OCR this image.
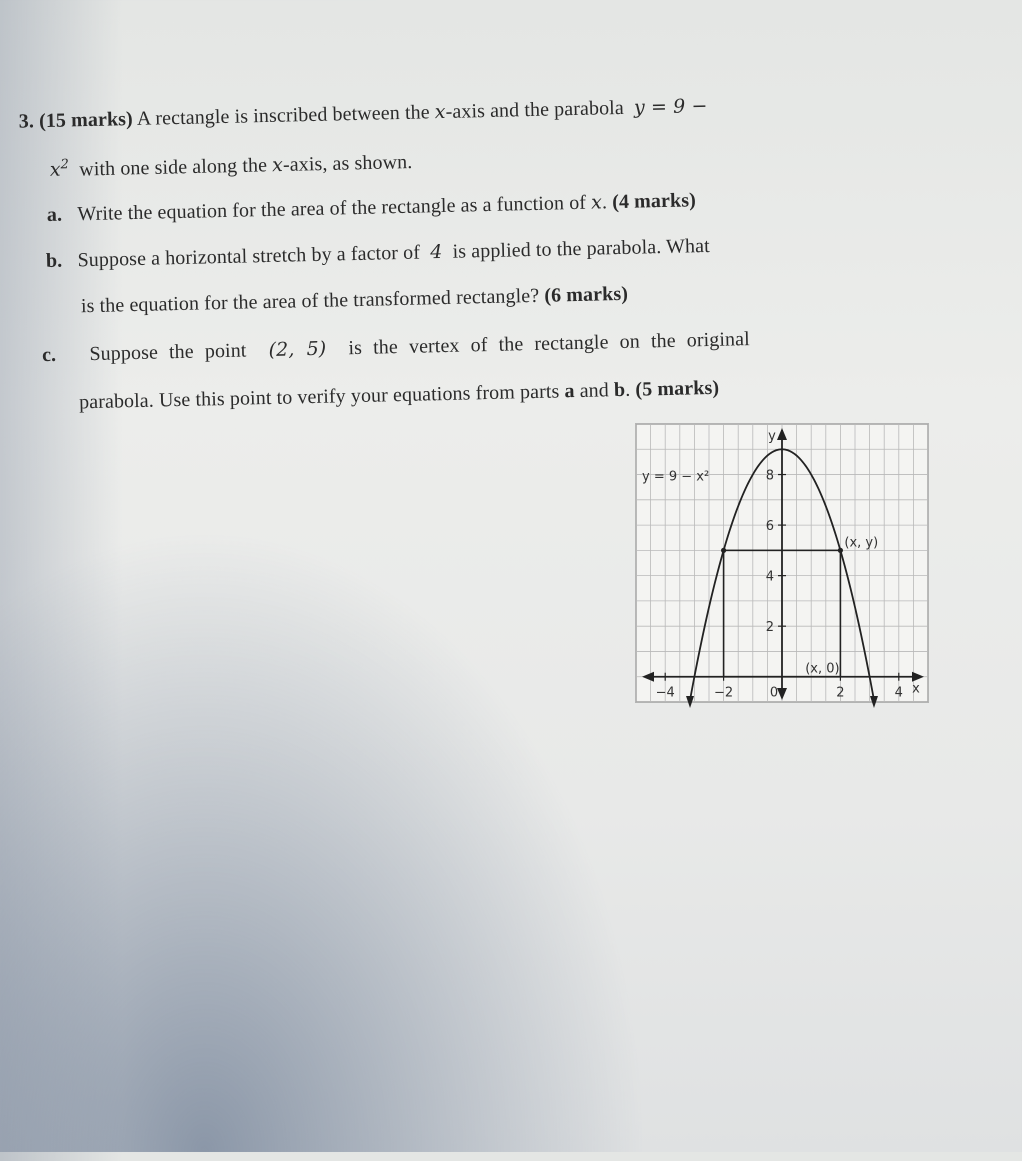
3. (15 marks) A rectangle is inscribed between the x-axis and the parabola y = 9 −
$x^2$ with one side along the x-axis, as shown.
a. Write the equation for the area of the rectangle as a function of x. (4 marks)
b. Suppose a horizontal stretch by a factor of 4 is applied to the parabola. What
is the equation for the area of the transformed rectangle? (6 marks)
c. Suppose the point (2, 5) is the vertex of the rectangle on the original
parabola. Use this point to verify your equations from parts a and b. (5 marks)
y
x
y = 9 − x²
(x, y)
(x, 0)
8
6
4
2
−4	−2	0	2	4
